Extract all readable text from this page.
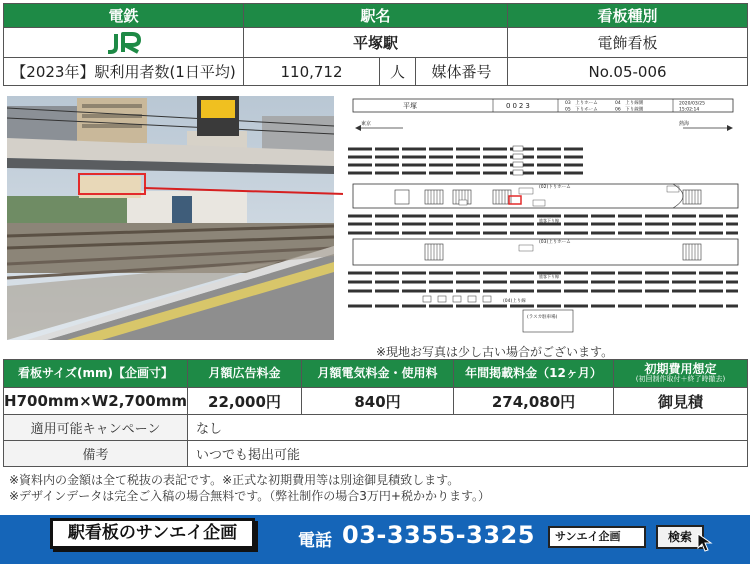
電鉄	駅名			看板種別
	平塚駅			電飾看板
【2023年】駅利用者数(1日平均)	110,712	人	媒体番号	No.05-006
平塚	0023	03　上りホーム	04　上り線側
05　下りホーム	06　下り線側
2020/03/25
15:02:14
東京	熱海
(02)下りホーム
(03)上りホーム
旅客下り線
旅客下り線
(04)上り線
(ラスカ駐車場)
※現地お写真は少し古い場合がございます。
看板サイズ(mm)【企画寸】	月額広告料金	月額電気料金・使用料	年間掲載料金（12ヶ月）	初期費用想定
(初回制作取付＋終了時撤去)

H700mm×W2,700mm	22,000円	840円	274,080円	御見積
適用可能キャンペーン	なし			
備考	いつでも掲出可能			
※資料内の金額は全て税抜の表記です。※正式な初期費用等は別途御見積致します。
※デザインデータは完全ご入稿の場合無料です。（弊社制作の場合3万円+税かかります。）
駅看板のサンエイ企画	電話 03-3355-3325	サンエイ企画	検索
